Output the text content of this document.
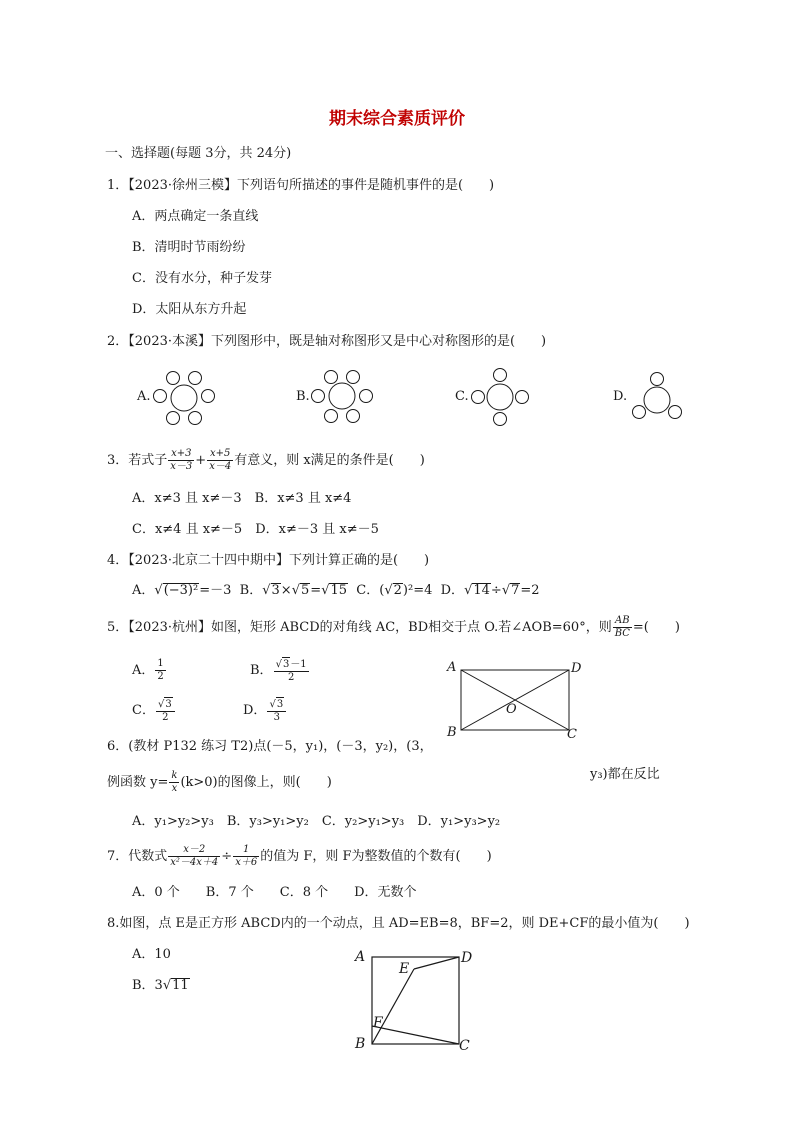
期末综合素质评价
一、选择题(每题 3分，共 24分)
1．【2023·徐州三模】下列语句所描述的事件是随机事件的是(　　)
A．两点确定一条直线
B．清明时节雨纷纷
C．没有水分，种子发芽
D．太阳从东方升起
2．【2023·本溪】下列图形中，既是轴对称图形又是中心对称图形的是(　　)
A.	B.	C.	D.
3．若式子 $\frac{x+3}{x-3} + \frac{x+5}{x-4}$ 有意义，则 x满足的条件是(　　)
A．x≠3 且 x≠－3　B．x≠3 且 x≠4
C．x≠4 且 x≠－5　D．x≠－3 且 x≠－5
4．【2023·北京二十四中期中】下列计算正确的是(　　)
A．√(−3)²=－3 B．√3×√5=√15 C．(√2)²=4 D．√14÷√7=2
5．【2023·杭州】如图，矩形 ABCD的对角线 AC，BD相交于点 O.若∠AOB=60°，则 $\frac{AB}{BC}$ =(　　)
A． $\frac{1}{2}$	B． $\frac{√3-1}{2}$
C． $\frac{√3}{2}$	D． $\frac{√3}{3}$
A	D
B	C
O
6．(教材 P132 练习 T2)点(－5，y₁)，(－3，y₂)，(3，
y₃)都在反比
例函数 $y= \frac{k}{x} (k>0)$的图像上，则(　　)
A．y₁>y₂>y₃　B．y₃>y₁>y₂　C．y₂>y₁>y₃　D．y₁>y₃>y₂
7．代数式 $\frac{x-2}{\text{x²－4x＋4}} \div \frac{1}{x+6}$ 的值为 F，则 F为整数值的个数有(　　)
A．0 个　　B．7 个　　C．8 个　　D．无数个
8.如图，点 E是正方形 ABCD内的一个动点，且 AD=EB=8，BF=2，则 DE+CF的最小值为(　　)
A．10
B．3√11
A	D
E
F
B	C
